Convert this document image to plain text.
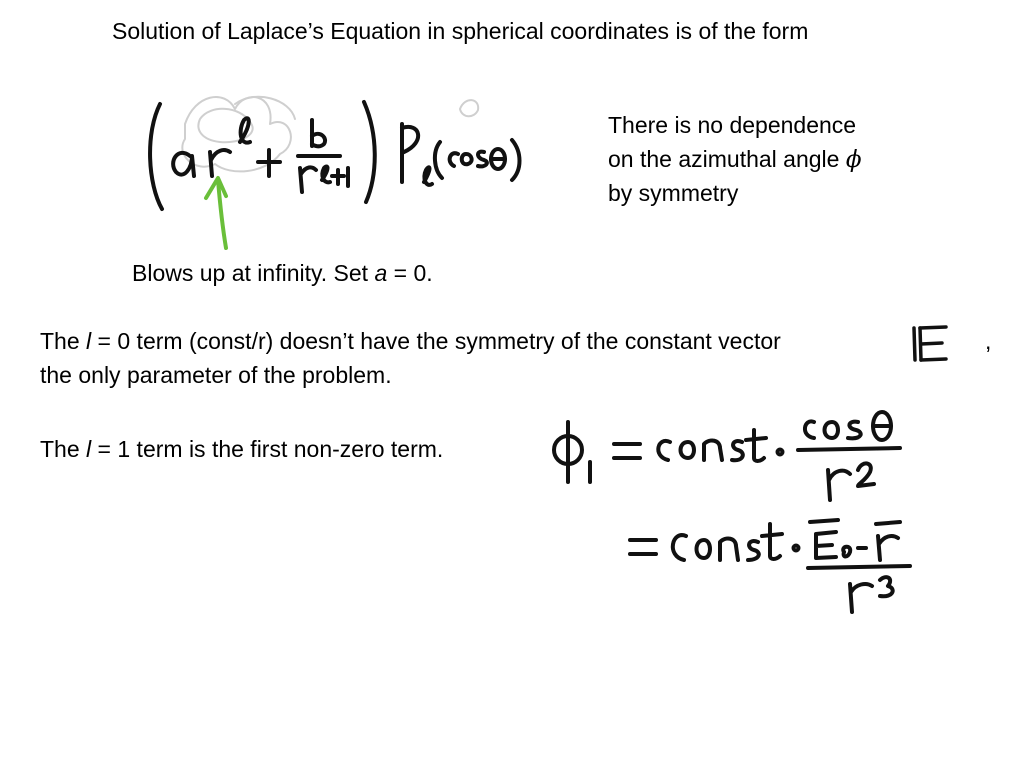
Solution of Laplace’s Equation in spherical coordinates is of the form
There is no dependence
on the azimuthal angle ϕ
by symmetry
Blows up at infinity. Set a = 0.
The l = 0 term (const/r) doesn’t have the symmetry of the constant vector	,
the only parameter of the problem.
The l = 1 term is the first non-zero term.
